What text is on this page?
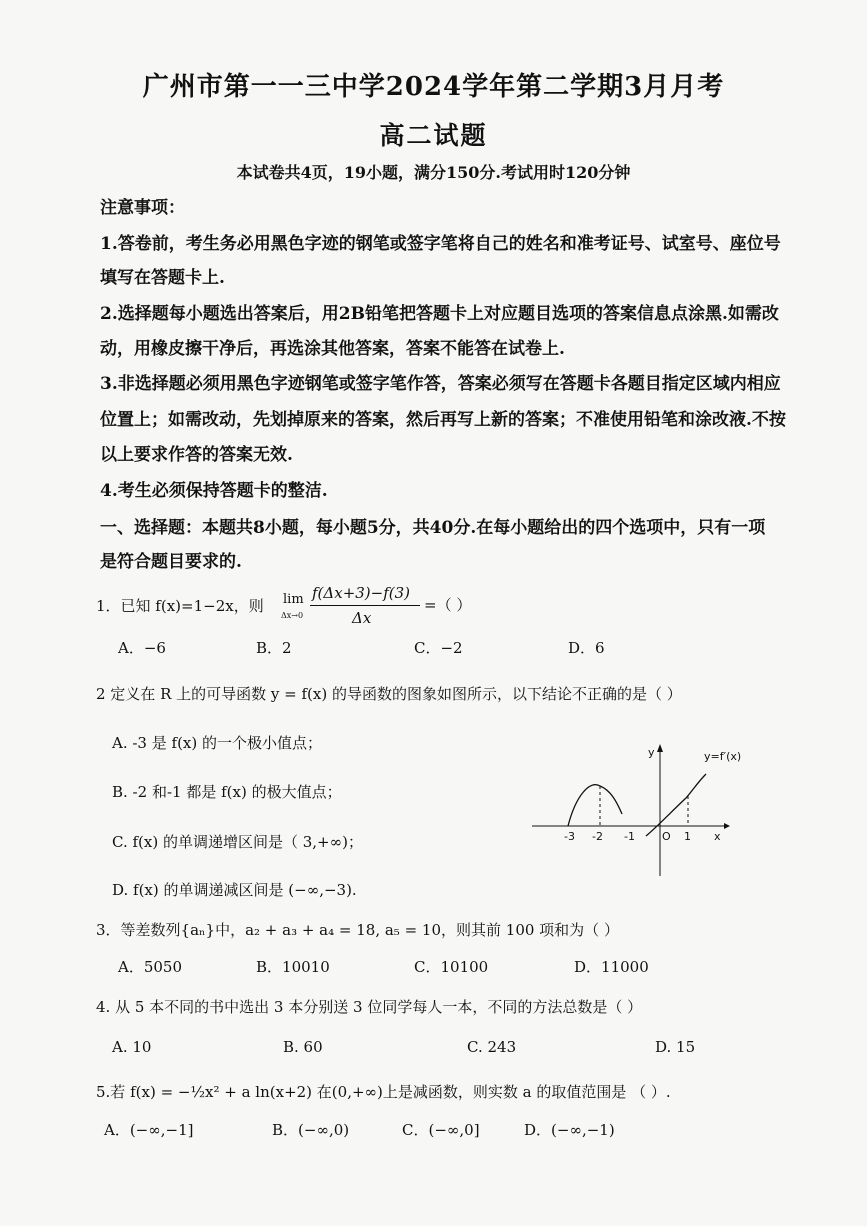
广州市第一一三中学2024学年第二学期3月月考
高二试题
本试卷共4页，19小题，满分150分.考试用时120分钟
注意事项：
1.答卷前，考生务必用黑色字迹的钢笔或签字笔将自己的姓名和准考证号、试室号、座位号
填写在答题卡上.
2.选择题每小题选出答案后，用2B铅笔把答题卡上对应题目选项的答案信息点涂黑.如需改
动，用橡皮擦干净后，再选涂其他答案，答案不能答在试卷上.
3.非选择题必须用黑色字迹钢笔或签字笔作答，答案必须写在答题卡各题目指定区域内相应
位置上；如需改动，先划掉原来的答案，然后再写上新的答案；不准使用铅笔和涂改液.不按
以上要求作答的答案无效.
4.考生必须保持答题卡的整洁.
一、选择题：本题共8小题，每小题5分，共40分.在每小题给出的四个选项中，只有一项
是符合题目要求的.
1．已知 f(x)=1−2x，则 lim
Δx→0
f(Δx+3)−f(3)
Δx
=（ ）
A．−6	B．2	C．−2	D．6
2 定义在 R 上的可导函数 y = f(x) 的导函数的图象如图所示，以下结论不正确的是（ ）
A. -3 是 f(x) 的一个极小值点；
B. -2 和-1 都是 f(x) 的极大值点；
C. f(x) 的单调递增区间是（ 3,+∞)；
D. f(x) 的单调递减区间是 (−∞,−3).
y
x
y=f′(x)
O
-3 -2 -1	1
3．等差数列{aₙ}中，a₂ + a₃ + a₄ = 18, a₅ = 10，则其前 100 项和为（ ）
A．5050	B．10010	C．10100	D．11000
4. 从 5 本不同的书中选出 3 本分别送 3 位同学每人一本，不同的方法总数是（ ）
A. 10	B. 60	C. 243	D. 15
5.若 f(x) = −½x² + a ln(x+2) 在(0,+∞)上是减函数，则实数 a 的取值范围是 （ ）.
A．(−∞,−1]	B．(−∞,0)	C．(−∞,0]	D．(−∞,−1)
